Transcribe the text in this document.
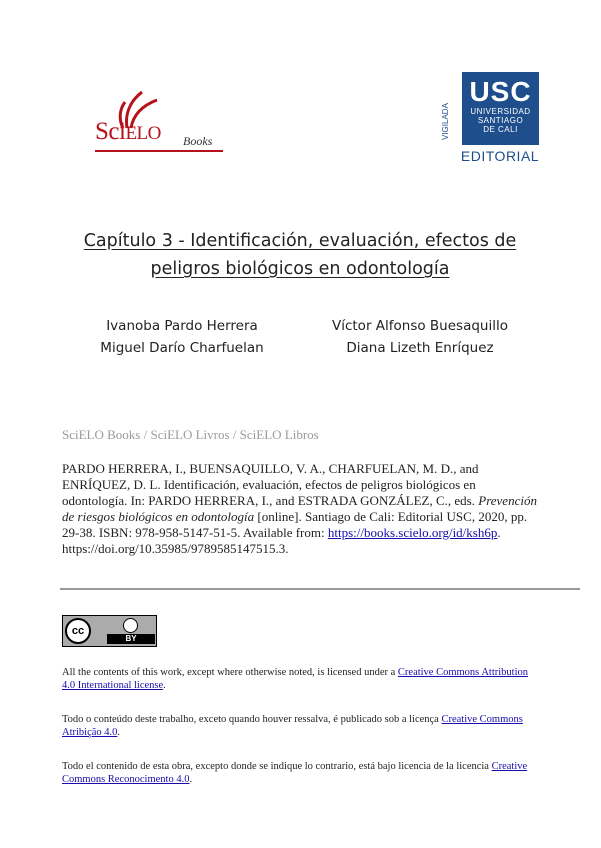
SciELO Books
VIGILADA
USC
UNIVERSIDAD
SANTIAGO
DE CALI
EDITORIAL
Capítulo 3 - Identificación, evaluación, efectos de peligros biológicos en odontología
Ivanoba Pardo Herrera
Miguel Darío Charfuelan
Víctor Alfonso Buesaquillo
Diana Lizeth Enríquez
SciELO Books / SciELO Livros / SciELO Libros
PARDO HERRERA, I., BUENSAQUILLO, V. A., CHARFUELAN, M. D., and ENRÍQUEZ, D. L. Identificación, evaluación, efectos de peligros biológicos en odontología. In: PARDO HERRERA, I., and ESTRADA GONZÁLEZ, C., eds. Prevención de riesgos biológicos en odontología [online]. Santiago de Cali: Editorial USC, 2020, pp. 29-38. ISBN: 978-958-5147-51-5. Available from: https://books.scielo.org/id/ksh6p. https://doi.org/10.35985/9789585147515.3.
cc
BY
All the contents of this work, except where otherwise noted, is licensed under a Creative Commons Attribution 4.0 International license.
Todo o conteúdo deste trabalho, exceto quando houver ressalva, é publicado sob a licença Creative Commons Atribição 4.0.
Todo el contenido de esta obra, excepto donde se indique lo contrario, está bajo licencia de la licencia Creative Commons Reconocimento 4.0.
